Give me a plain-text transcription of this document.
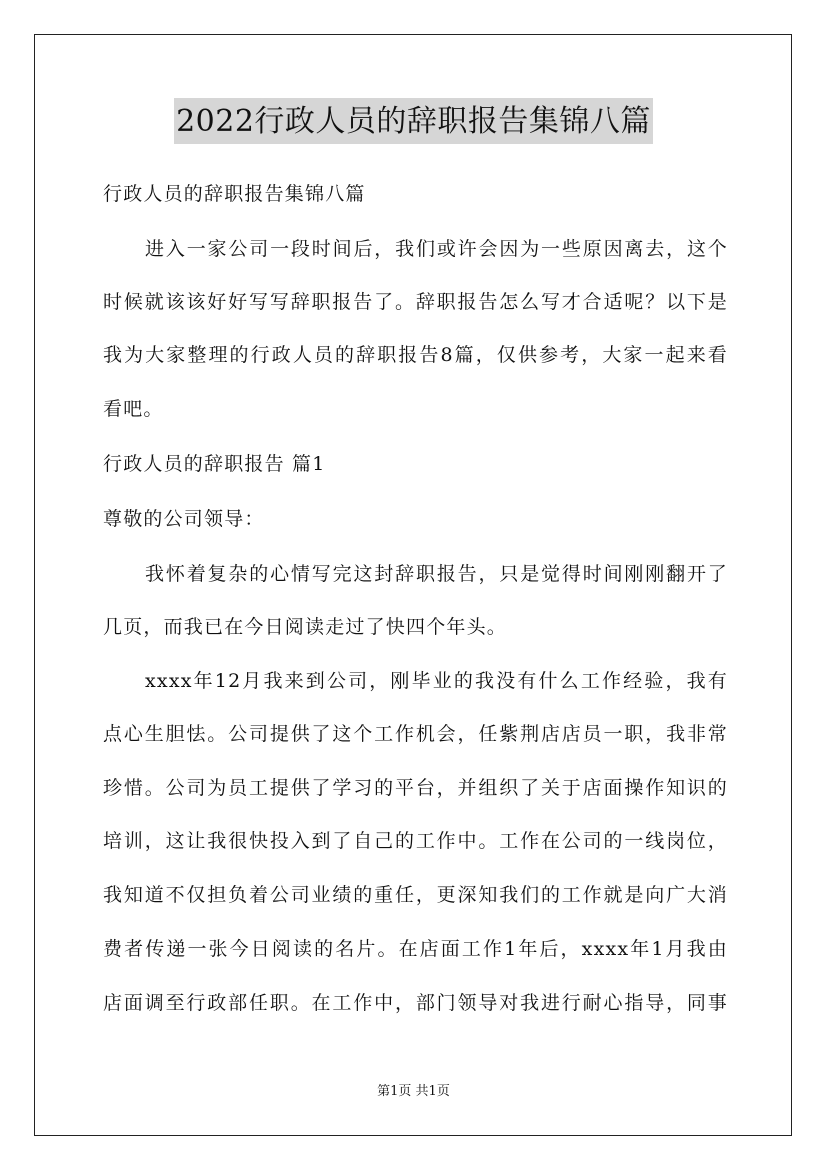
2022行政人员的辞职报告集锦八篇
行政人员的辞职报告集锦八篇
进入一家公司一段时间后，我们或许会因为一些原因离去，这个
时候就该该好好写写辞职报告了。辞职报告怎么写才合适呢？以下是
我为大家整理的行政人员的辞职报告8篇，仅供参考，大家一起来看
看吧。
行政人员的辞职报告 篇1
尊敬的公司领导：
我怀着复杂的心情写完这封辞职报告，只是觉得时间刚刚翻开了
几页，而我已在今日阅读走过了快四个年头。
xxxx年12月我来到公司，刚毕业的我没有什么工作经验，我有
点心生胆怯。公司提供了这个工作机会，任紫荆店店员一职，我非常
珍惜。公司为员工提供了学习的平台，并组织了关于店面操作知识的
培训，这让我很快投入到了自己的工作中。工作在公司的一线岗位，
我知道不仅担负着公司业绩的重任，更深知我们的工作就是向广大消
费者传递一张今日阅读的名片。在店面工作1年后，xxxx年1月我由
店面调至行政部任职。在工作中，部门领导对我进行耐心指导，同事
第1页 共1页
